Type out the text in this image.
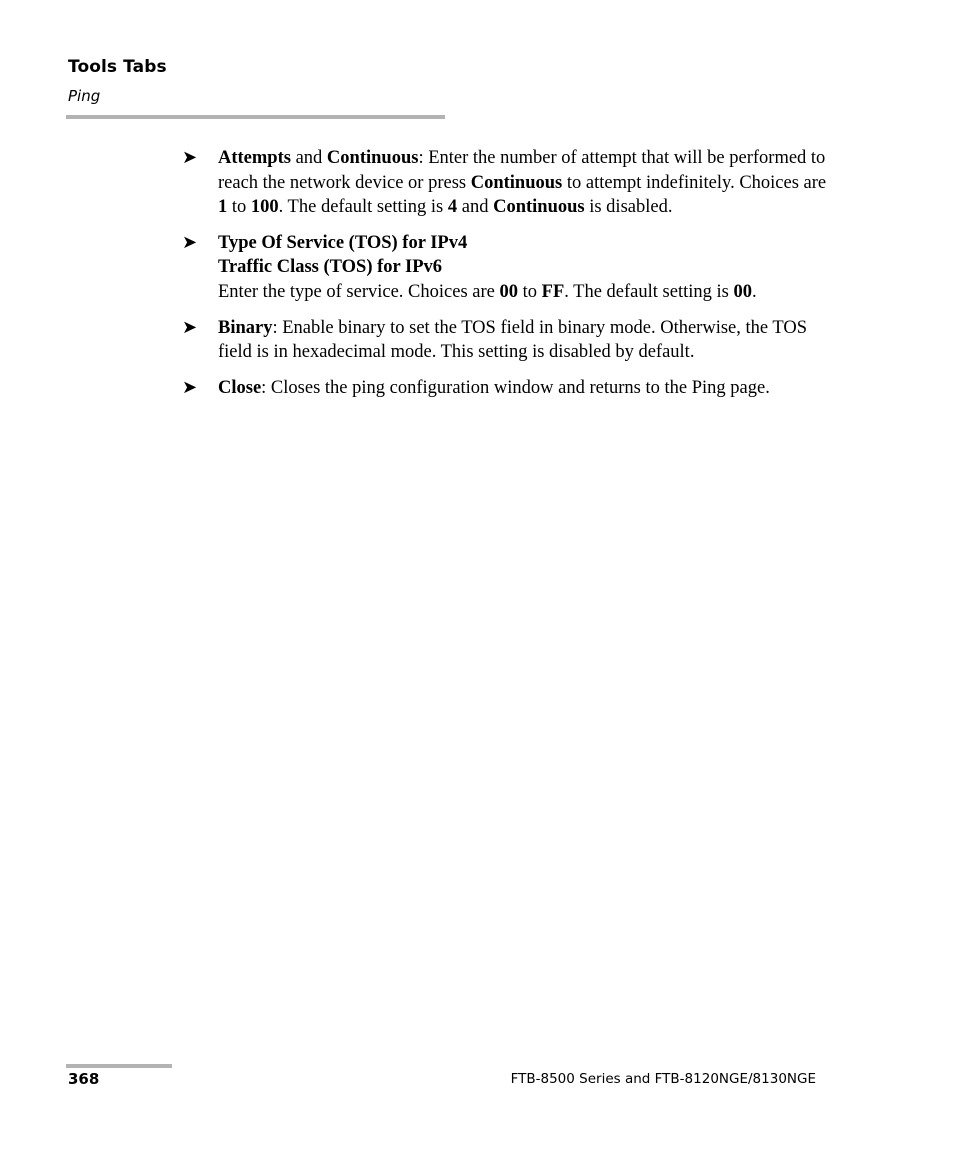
Tools Tabs
Ping
➤ Attempts and Continuous: Enter the number of attempt that will be performed to reach the network device or press Continuous to attempt indefinitely. Choices are 1 to 100. The default setting is 4 and Continuous is disabled.
➤ Type Of Service (TOS) for IPv4
Traffic Class (TOS) for IPv6
Enter the type of service. Choices are 00 to FF. The default setting is 00.
➤ Binary: Enable binary to set the TOS field in binary mode. Otherwise, the TOS field is in hexadecimal mode. This setting is disabled by default.
➤ Close: Closes the ping configuration window and returns to the Ping page.
368	FTB-8500 Series and FTB-8120NGE/8130NGE
